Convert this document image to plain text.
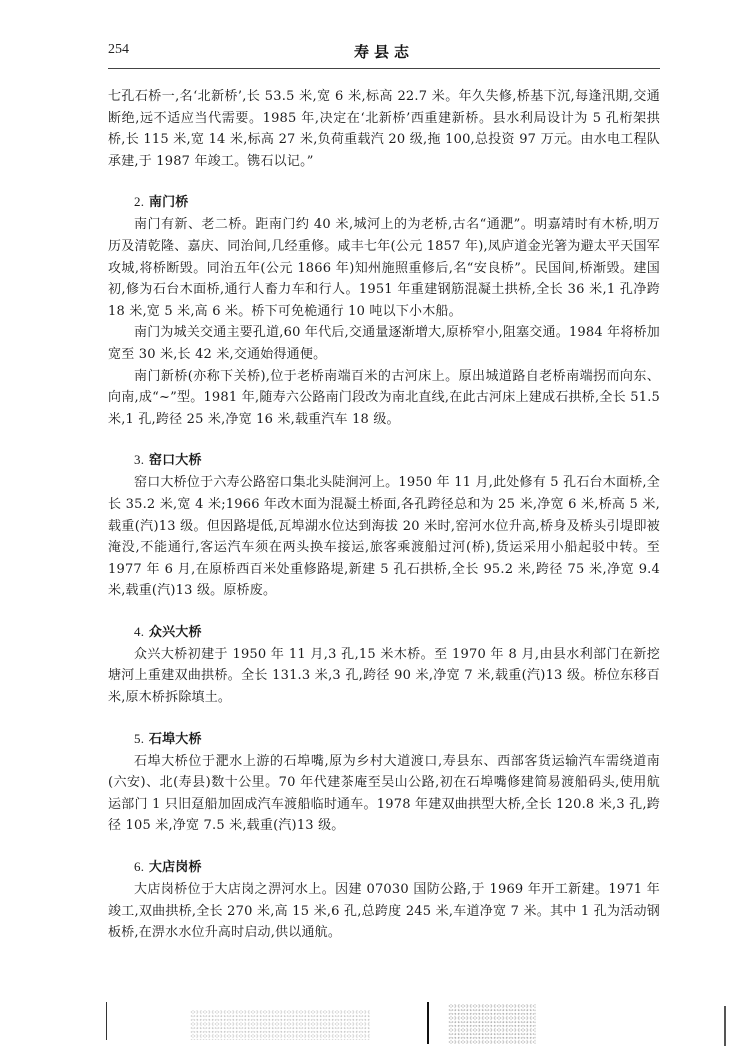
254	寿县志

七孔石桥一,名‘北新桥’,长 53.5 米,宽 6 米,标高 22.7 米。年久失修,桥基下沉,每逢汛期,交通断绝,远不适应当代需要。1985 年,决定在‘北新桥’西重建新桥。县水利局设计为 5 孔桁架拱桥,长 115 米,宽 14 米,标高 27 米,负荷重载汽 20 级,拖 100,总投资 97 万元。由水电工程队承建,于 1987 年竣工。镌石以记。”

2. 南门桥

南门有新、老二桥。距南门约 40 米,城河上的为老桥,古名“通淝”。明嘉靖时有木桥,明万历及清乾隆、嘉庆、同治间,几经重修。咸丰七年(公元 1857 年),凤庐道金光箸为避太平天国军攻城,将桥断毁。同治五年(公元 1866 年)知州施照重修后,名“安良桥”。民国间,桥渐毁。建国初,修为石台木面桥,通行人畜力车和行人。1951 年重建钢筋混凝土拱桥,全长 36 米,1 孔净跨 18 米,宽 5 米,高 6 米。桥下可免桅通行 10 吨以下小木船。

南门为城关交通主要孔道,60 年代后,交通量逐渐增大,原桥窄小,阻塞交通。1984 年将桥加宽至 30 米,长 42 米,交通始得通便。

南门新桥(亦称下关桥),位于老桥南端百米的古河床上。原出城道路自老桥南端拐而向东、向南,成“~”型。1981 年,随寿六公路南门段改为南北直线,在此古河床上建成石拱桥,全长 51.5 米,1 孔,跨径 25 米,净宽 16 米,载重汽车 18 级。

3. 窑口大桥

窑口大桥位于六寿公路窑口集北头陡涧河上。1950 年 11 月,此处修有 5 孔石台木面桥,全长 35.2 米,宽 4 米;1966 年改木面为混凝土桥面,各孔跨径总和为 25 米,净宽 6 米,桥高 5 米,载重(汽)13 级。但因路堤低,瓦埠湖水位达到海拔 20 米时,窑河水位升高,桥身及桥头引堤即被淹没,不能通行,客运汽车须在两头换车接运,旅客乘渡船过河(桥),货运采用小船起驳中转。至 1977 年 6 月,在原桥西百米处重修路堤,新建 5 孔石拱桥,全长 95.2 米,跨径 75 米,净宽 9.4 米,载重(汽)13 级。原桥废。

4. 众兴大桥

众兴大桥初建于 1950 年 11 月,3 孔,15 米木桥。至 1970 年 8 月,由县水利部门在新挖塘河上重建双曲拱桥。全长 131.3 米,3 孔,跨径 90 米,净宽 7 米,载重(汽)13 级。桥位东移百米,原木桥拆除填土。

5. 石埠大桥

石埠大桥位于淝水上游的石埠嘴,原为乡村大道渡口,寿县东、西部客货运输汽车需绕道南(六安)、北(寿县)数十公里。70 年代建茶庵至吴山公路,初在石埠嘴修建简易渡船码头,使用航运部门 1 只旧趸船加固成汽车渡船临时通车。1978 年建双曲拱型大桥,全长 120.8 米,3 孔,跨径 105 米,净宽 7.5 米,载重(汽)13 级。

6. 大店岗桥

大店岗桥位于大店岗之淠河水上。因建 07030 国防公路,于 1969 年开工新建。1971 年竣工,双曲拱桥,全长 270 米,高 15 米,6 孔,总跨度 245 米,车道净宽 7 米。其中 1 孔为活动钢板桥,在淠水水位升高时启动,供以通航。
